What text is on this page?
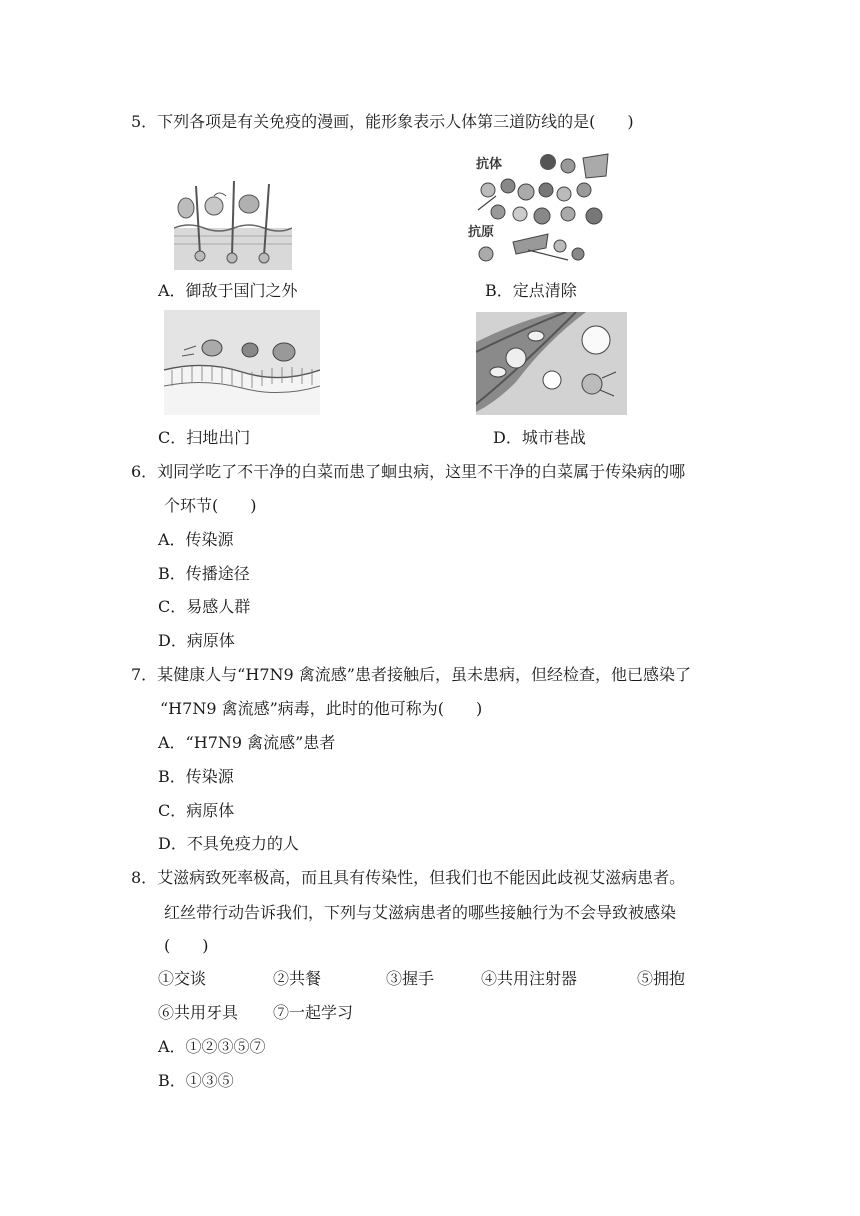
5．下列各项是有关免疫的漫画，能形象表示人体第三道防线的是(　　)
抗体
抗原
A．御敌于国门之外	B．定点清除
C．扫地出门	D．城市巷战
6．刘同学吃了不干净的白菜而患了蛔虫病，这里不干净的白菜属于传染病的哪
个环节(　　)
A．传染源
B．传播途径
C．易感人群
D．病原体
7．某健康人与“H7N9 禽流感”患者接触后，虽未患病，但经检查，他已感染了
“H7N9 禽流感”病毒，此时的他可称为(　　)
A．“H7N9 禽流感”患者
B．传染源
C．病原体
D．不具免疫力的人
8．艾滋病致死率极高，而且具有传染性，但我们也不能因此歧视艾滋病患者。
红丝带行动告诉我们，下列与艾滋病患者的哪些接触行为不会导致被感染
(　　)
①交谈	②共餐	③握手	④共用注射器	⑤拥抱
⑥共用牙具 ⑦一起学习
A．①②③⑤⑦
B．①③⑤
